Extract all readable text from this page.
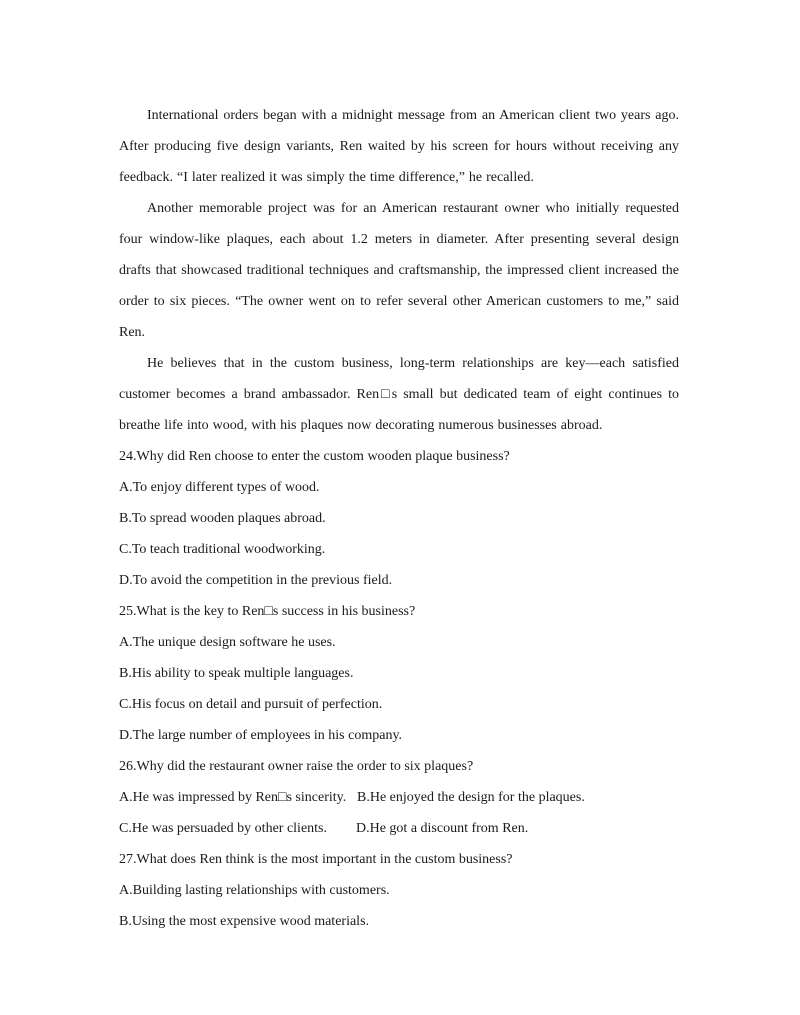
International orders began with a midnight message from an American client two years ago. After producing five design variants, Ren waited by his screen for hours without receiving any feedback. “I later realized it was simply the time difference,” he recalled.

Another memorable project was for an American restaurant owner who initially requested four window-like plaques, each about 1.2 meters in diameter. After presenting several design drafts that showcased traditional techniques and craftsmanship, the impressed client increased the order to six pieces. “The owner went on to refer several other American customers to me,” said Ren.

He believes that in the custom business, long-term relationships are key—each satisfied customer becomes a brand ambassador. Ren□s small but dedicated team of eight continues to breathe life into wood, with his plaques now decorating numerous businesses abroad.

24.Why did Ren choose to enter the custom wooden plaque business?

A.To enjoy different types of wood.

B.To spread wooden plaques abroad.

C.To teach traditional woodworking.

D.To avoid the competition in the previous field.

25.What is the key to Ren□s success in his business?

A.The unique design software he uses.

B.His ability to speak multiple languages.

C.His focus on detail and pursuit of perfection.

D.The large number of employees in his company.

26.Why did the restaurant owner raise the order to six plaques?

A.He was impressed by Ren□s sincerity. B.He enjoyed the design for the plaques.

C.He was persuaded by other clients. D.He got a discount from Ren.

27.What does Ren think is the most important in the custom business?

A.Building lasting relationships with customers.

B.Using the most expensive wood materials.
